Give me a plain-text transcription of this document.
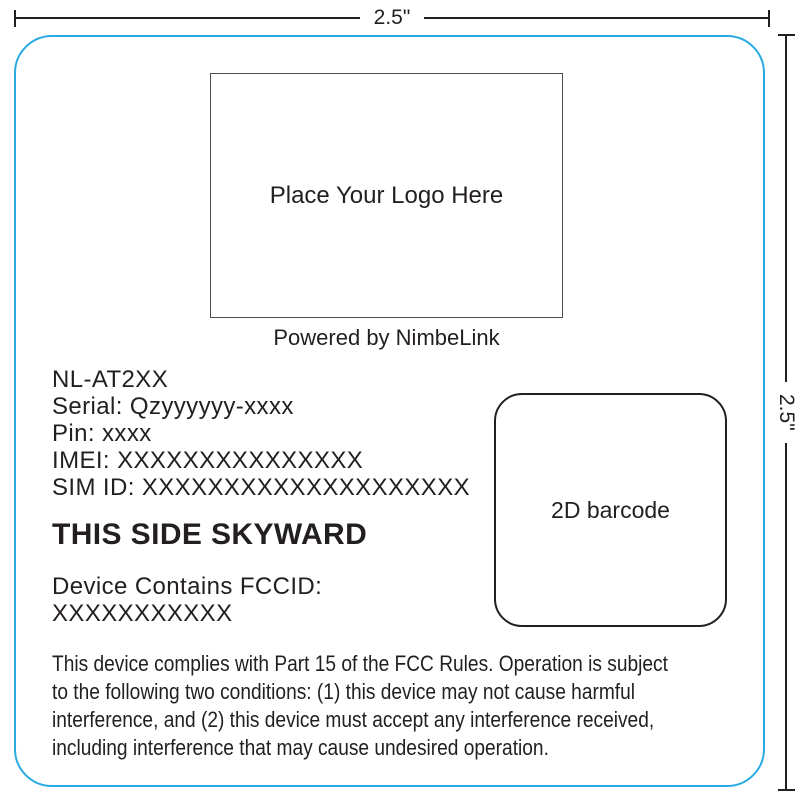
2.5"
2.5"
Place Your Logo Here
Powered by NimbeLink
NL-AT2XX
Serial: Qzyyyyyy-xxxx
Pin: xxxx
IMEI: XXXXXXXXXXXXXXX
SIM ID: XXXXXXXXXXXXXXXXXXXX
THIS SIDE SKYWARD
Device Contains FCCID:
XXXXXXXXXXX
This device complies with Part 15 of the FCC Rules. Operation is subject
to the following two conditions: (1) this device may not cause harmful
interference, and (2) this device must accept any interference received,
including interference that may cause undesired operation.
2D barcode
